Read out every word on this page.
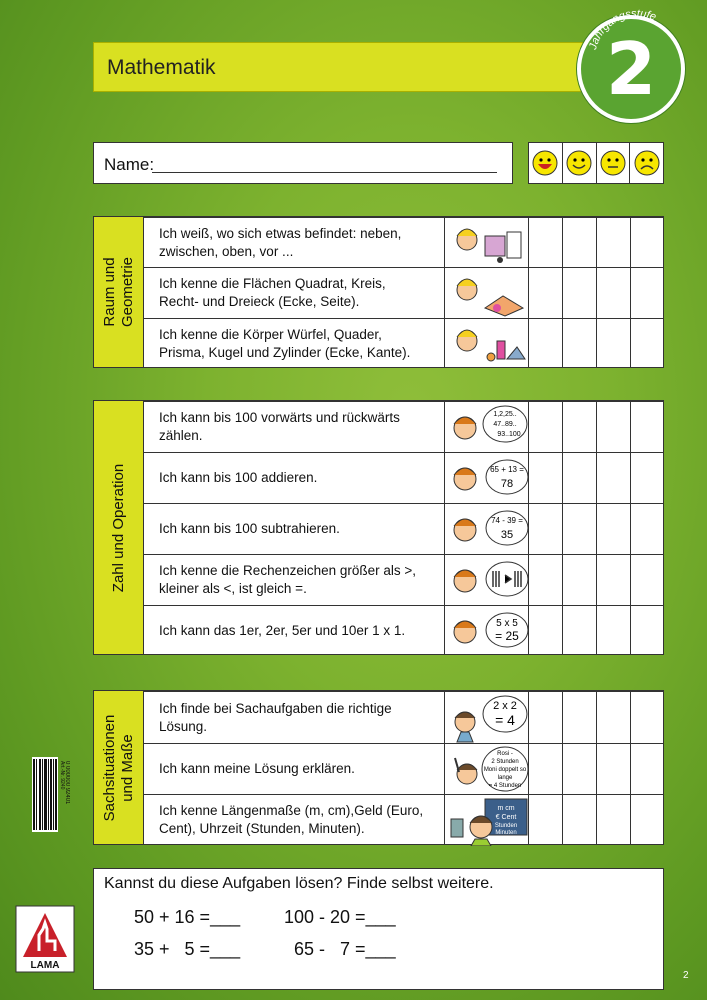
Mathematik	2
Jahrgangsstufe
Name:
Raum und
Geometrie
Ich weiß, wo sich etwas befindet: neben, zwischen, oben, vor ...
Ich kenne die Flächen Quadrat, Kreis, Recht- und Dreieck (Ecke, Seite).
Ich kenne die Körper Würfel, Quader, Prisma, Kugel und Zylinder (Ecke, Kante).
Zahl und Operation
Ich kann bis 100 vorwärts und rückwärts zählen.
1,2,25..
47..89..
93..100
Ich kann bis 100 addieren.
65 + 13 =
78
Ich kann bis 100 subtrahieren.
74 - 39 =
35
Ich kenne die Rechenzeichen größer als >, kleiner als <, ist gleich =.
Ich kann das 1er, 2er, 5er und 10er 1 x 1.	5 x 5
= 25
Sachsituationen
und Maße
Ich finde bei Sachaufgaben die richtige Lösung.
2 x 2
= 4
Ich kann meine Lösung erklären.
Rosi -
2 Stunden
Moni doppelt so
lange
= 4 Stunden
Ich kenne Längenmaße (m, cm),Geld (Euro, Cent), Uhrzeit (Stunden, Minuten).
m cm
€ Cent
Stunden
Minuten
Kannst du diese Aufgaben lösen? Finde selbst weitere.
50 + 16 =___ 100 - 20 =___
35 +   5 =___	65 -   7 =___
0 000000 92401
Art.-Nr. 9240
LAMA
2
